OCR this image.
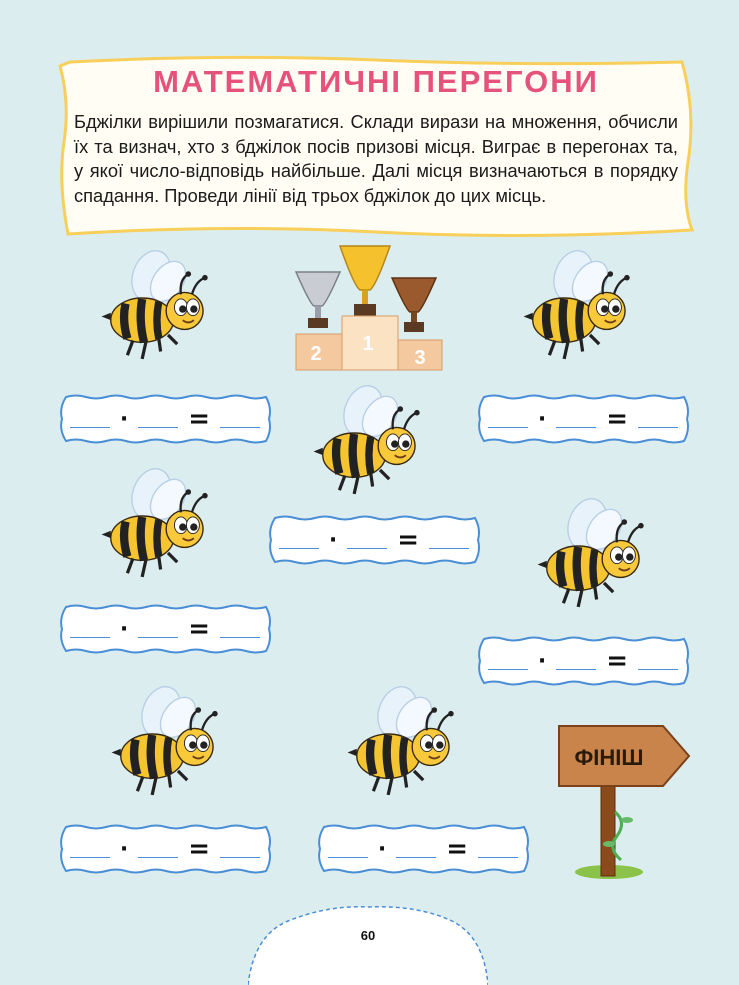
МАТЕМАТИЧНІ ПЕРЕГОНИ

Бджілки вирішили позмагатися. Склади вирази на множення, обчисли їх та визнач, хто з бджілок посів призові місця. Виграє в перегонах та, у якої число-відповідь найбільше. Далі місця визначаються в порядку спадання. Проведи лінії від трьох бджілок до цих місць.

2 1
3
· =	· =
· =
· =
· =
· =	· =
ФІНІШ
60
